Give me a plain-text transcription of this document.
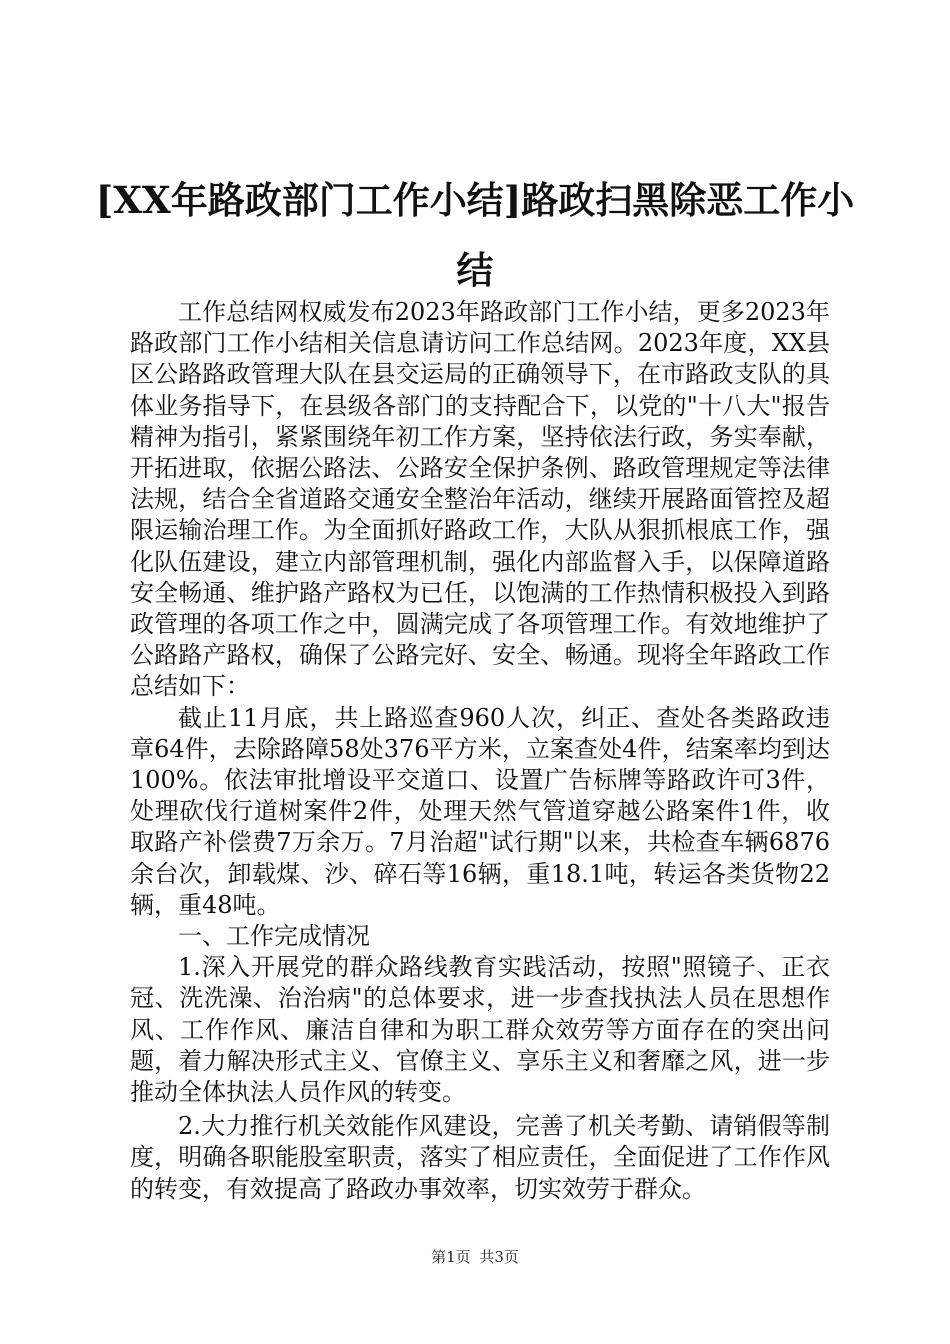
[XX年路政部门工作小结]路政扫黑除恶工作小结

工作总结网权威发布2023年路政部门工作小结，更多2023年路政部门工作小结相关信息请访问工作总结网。2023年度，XX县区公路路政管理大队在县交运局的正确领导下，在市路政支队的具体业务指导下，在县级各部门的支持配合下，以党的"十八大"报告精神为指引，紧紧围绕年初工作方案，坚持依法行政，务实奉献，开拓进取，依据公路法、公路安全保护条例、路政管理规定等法律法规，结合全省道路交通安全整治年活动，继续开展路面管控及超限运输治理工作。为全面抓好路政工作，大队从狠抓根底工作，强化队伍建设，建立内部管理机制，强化内部监督入手，以保障道路安全畅通、维护路产路权为已任，以饱满的工作热情积极投入到路政管理的各项工作之中，圆满完成了各项管理工作。有效地维护了公路路产路权，确保了公路完好、安全、畅通。现将全年路政工作总结如下：

截止11月底，共上路巡查960人次，纠正、查处各类路政违章64件，去除路障58处376平方米，立案查处4件，结案率均到达100%。依法审批增设平交道口、设置广告标牌等路政许可3件，处理砍伐行道树案件2件，处理天然气管道穿越公路案件1件，收取路产补偿费7万余万。7月治超"试行期"以来，共检查车辆6876余台次，卸载煤、沙、碎石等16辆，重18.1吨，转运各类货物22辆，重48吨。

一、工作完成情况

1.深入开展党的群众路线教育实践活动，按照"照镜子、正衣冠、洗洗澡、治治病"的总体要求，进一步查找执法人员在思想作风、工作作风、廉洁自律和为职工群众效劳等方面存在的突出问题，着力解决形式主义、官僚主义、享乐主义和奢靡之风，进一步推动全体执法人员作风的转变。

2.大力推行机关效能作风建设，完善了机关考勤、请销假等制度，明确各职能股室职责，落实了相应责任，全面促进了工作作风的转变，有效提高了路政办事效率，切实效劳于群众。

第1页 共3页
